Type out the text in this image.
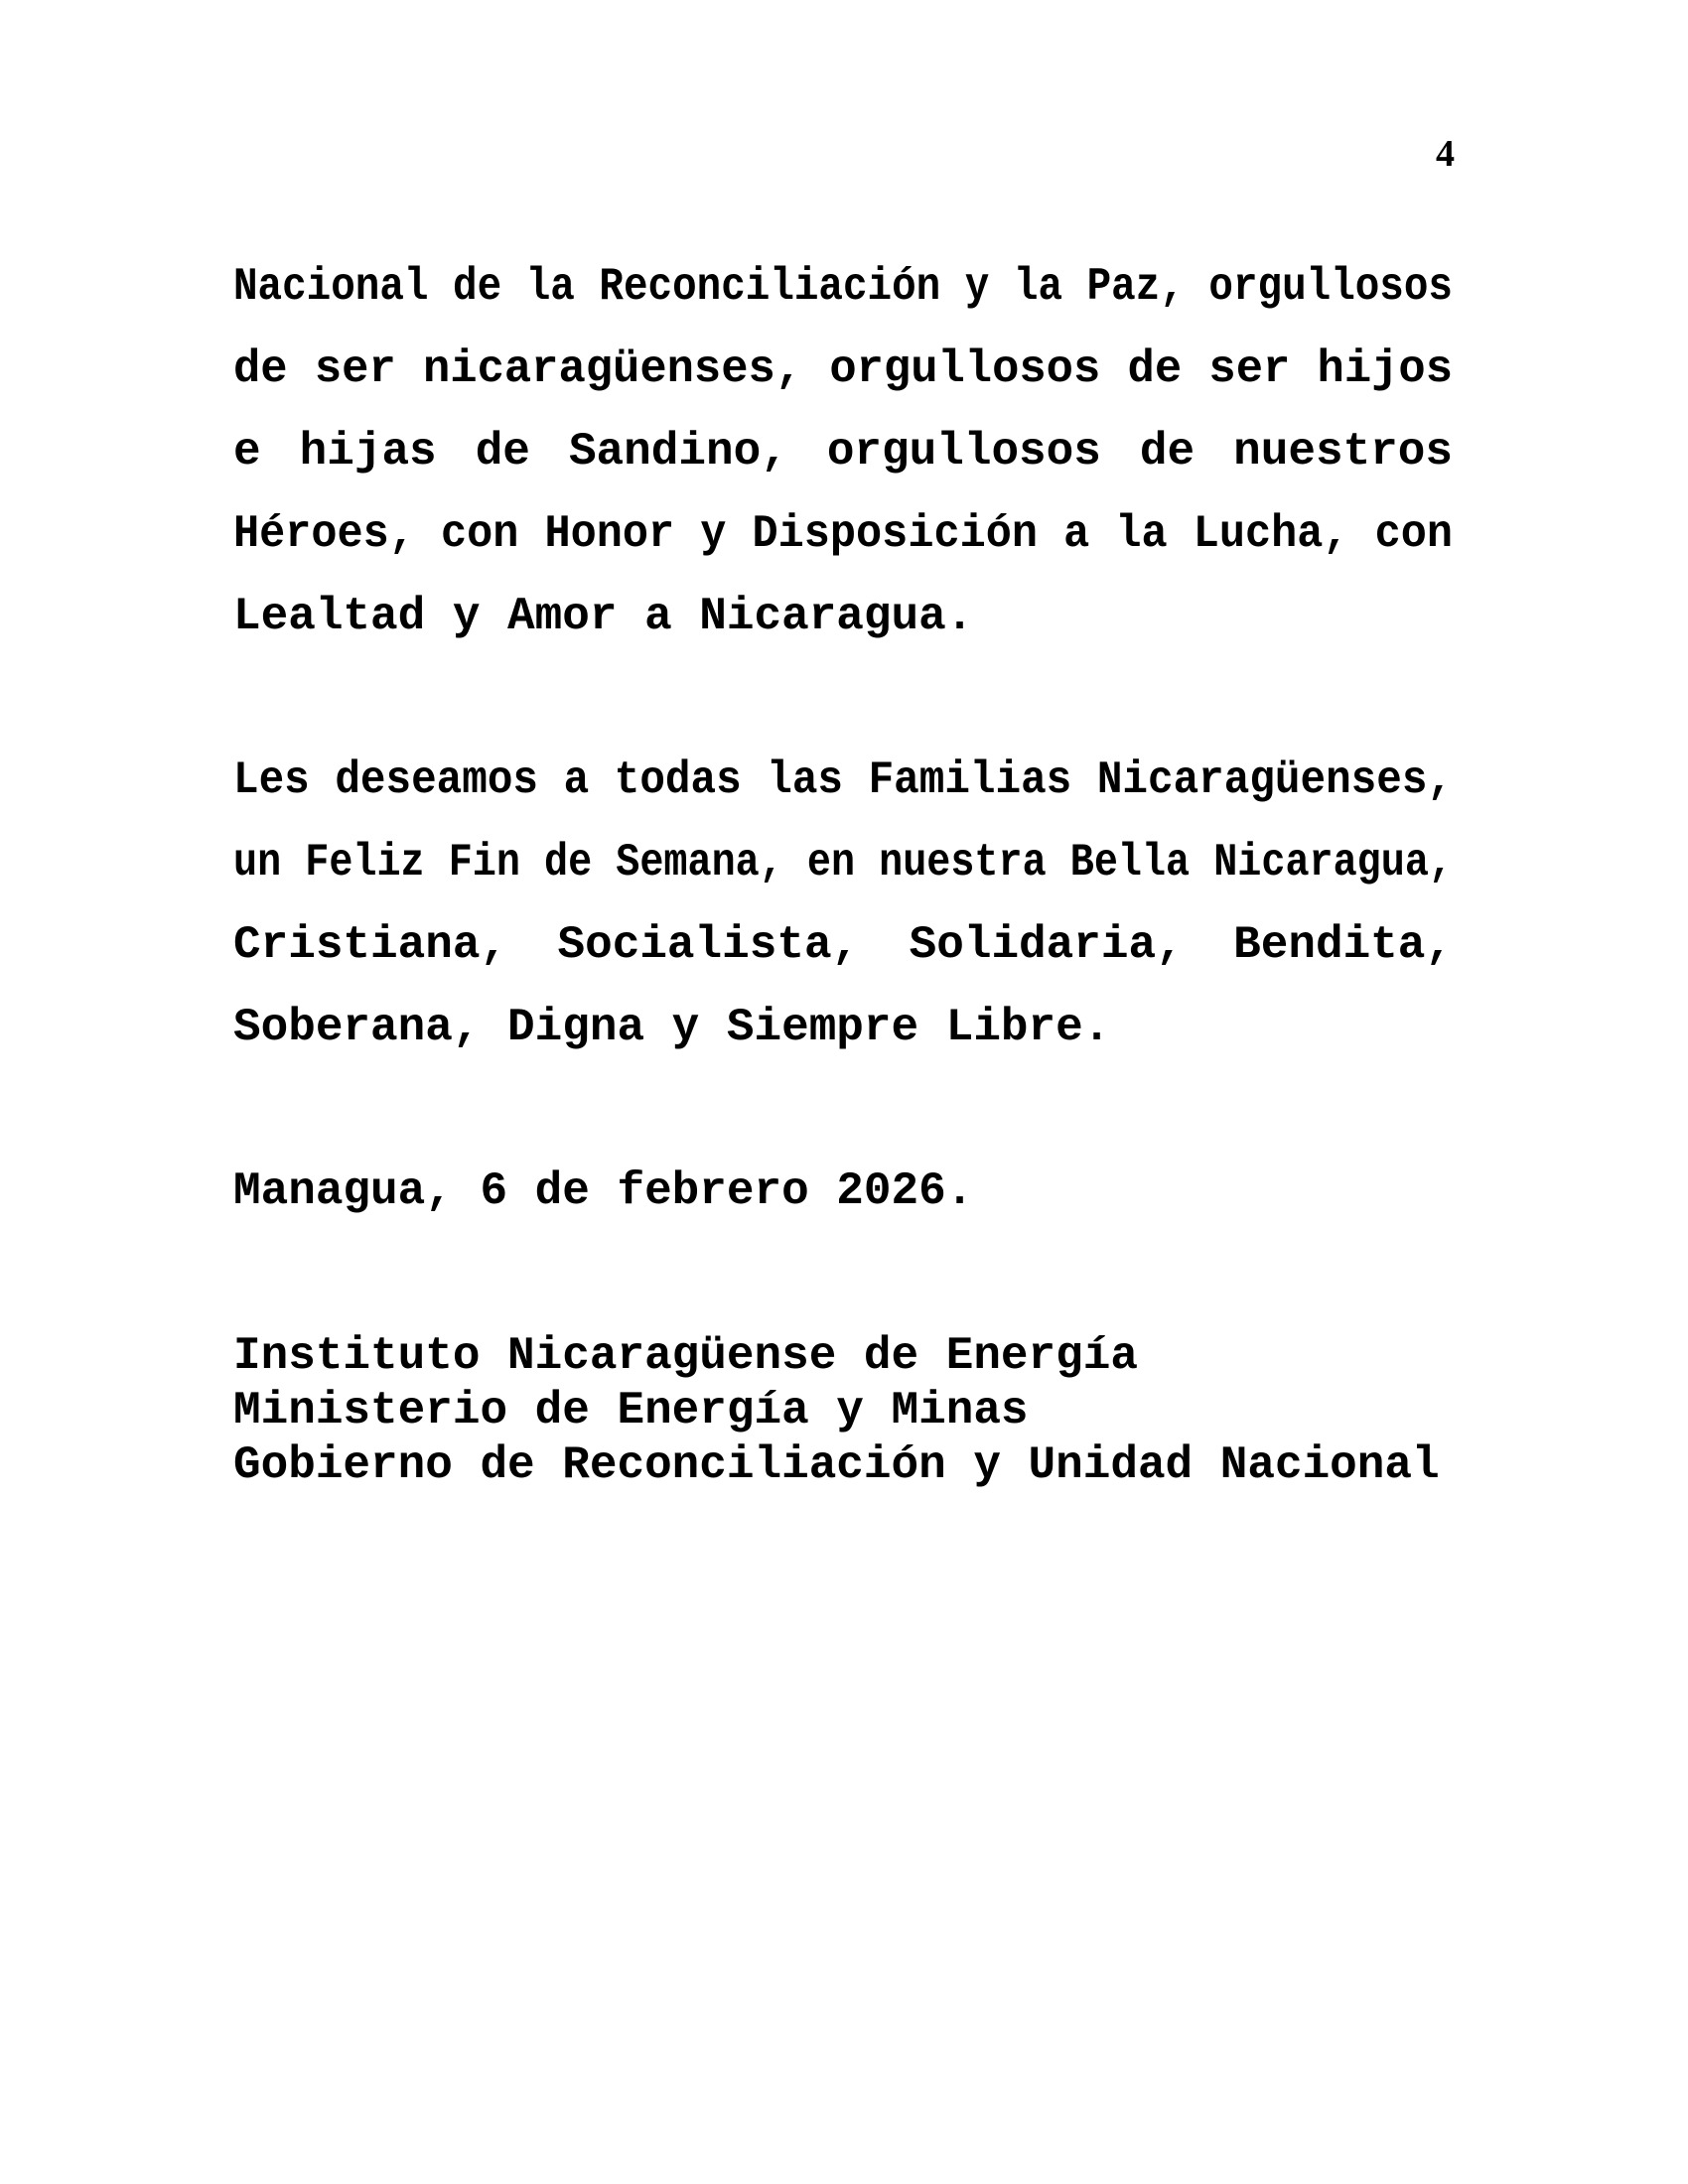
4
Nacional de la Reconciliación y la Paz, orgullosos
de ser nicaragüenses, orgullosos de ser hijos
e hijas de Sandino, orgullosos de nuestros
Héroes, con Honor y Disposición a la Lucha, con
Lealtad y Amor a Nicaragua.
Les deseamos a todas las Familias Nicaragüenses,
un Feliz Fin de Semana, en nuestra Bella Nicaragua,
Cristiana, Socialista, Solidaria, Bendita,
Soberana, Digna y Siempre Libre.
Managua, 6 de febrero 2026.
Instituto Nicaragüense de Energía
Ministerio de Energía y Minas
Gobierno de Reconciliación y Unidad Nacional
